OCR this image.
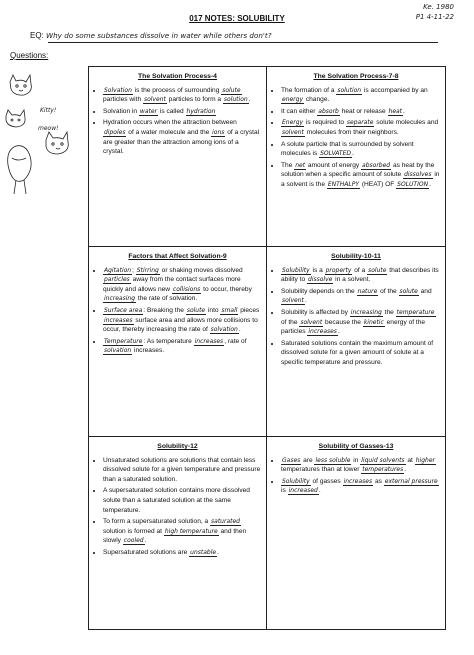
Ke. 1980
P1 4-11-22
017 NOTES: SOLUBILITY
EQ: Why do some substances dissolve in water while others don't?
Questions:
Kitty!
meow!
The Solvation Process-4
• Solvation is the process of surrounding solute particles with solvent particles to form a solution.
• Solvation in water is called hydration
• Hydration occurs when the attraction between dipoles of a water molecule and the ions of a crystal are greater than the attraction among ions of a crystal.
The Solvation Process-7-8
• The formation of a solution is accompanied by an energy change.
• It can either absorb heat or release heat.
• Energy is required to separate solute molecules and solvent molecules from their neighbors.
• A solute particle that is surrounded by solvent molecules is SOLVATED.
• The net amount of energy absorbed as heat by the solution when a specific amount of solute dissolves in a solvent is the ENTHALPY (HEAT) OF SOLUTION.
Factors that Affect Solvation-9
• Agitation; Stirring or shaking moves dissolved particles away from the contact surfaces more quickly and allows new collisions to occur, thereby increasing the rate of solvation.
• Surface area: Breaking the solute into small pieces increases surface area and allows more collisions to occur, thereby increasing the rate of solvation.
• Temperature: As temperature increases, rate of solvation increases.
Solubility-10-11
• Solubility is a property of a solute that describes its ability to dissolve in a solvent.
• Solubility depends on the nature of the solute and solvent.
• Solubility is affected by increasing the temperature of the solvent because the kinetic energy of the particles increases.
• Saturated solutions contain the maximum amount of dissolved solute for a given amount of solute at a specific temperature and pressure.
Solubility-12
• Unsaturated solutions are solutions that contain less dissolved solute for a given temperature and pressure than a saturated solution.
• A supersaturated solution contains more dissolved solute than a saturated solution at the same temperature.
• To form a supersaturated solution, a saturated solution is formed at high temperature and then slowly cooled.
• Supersaturated solutions are unstable.
Solubility of Gasses-13
• Gases are less soluble in liquid solvents at higher temperatures than at lower temperatures.
• Solubility of gasses increases as external pressure is increased.
